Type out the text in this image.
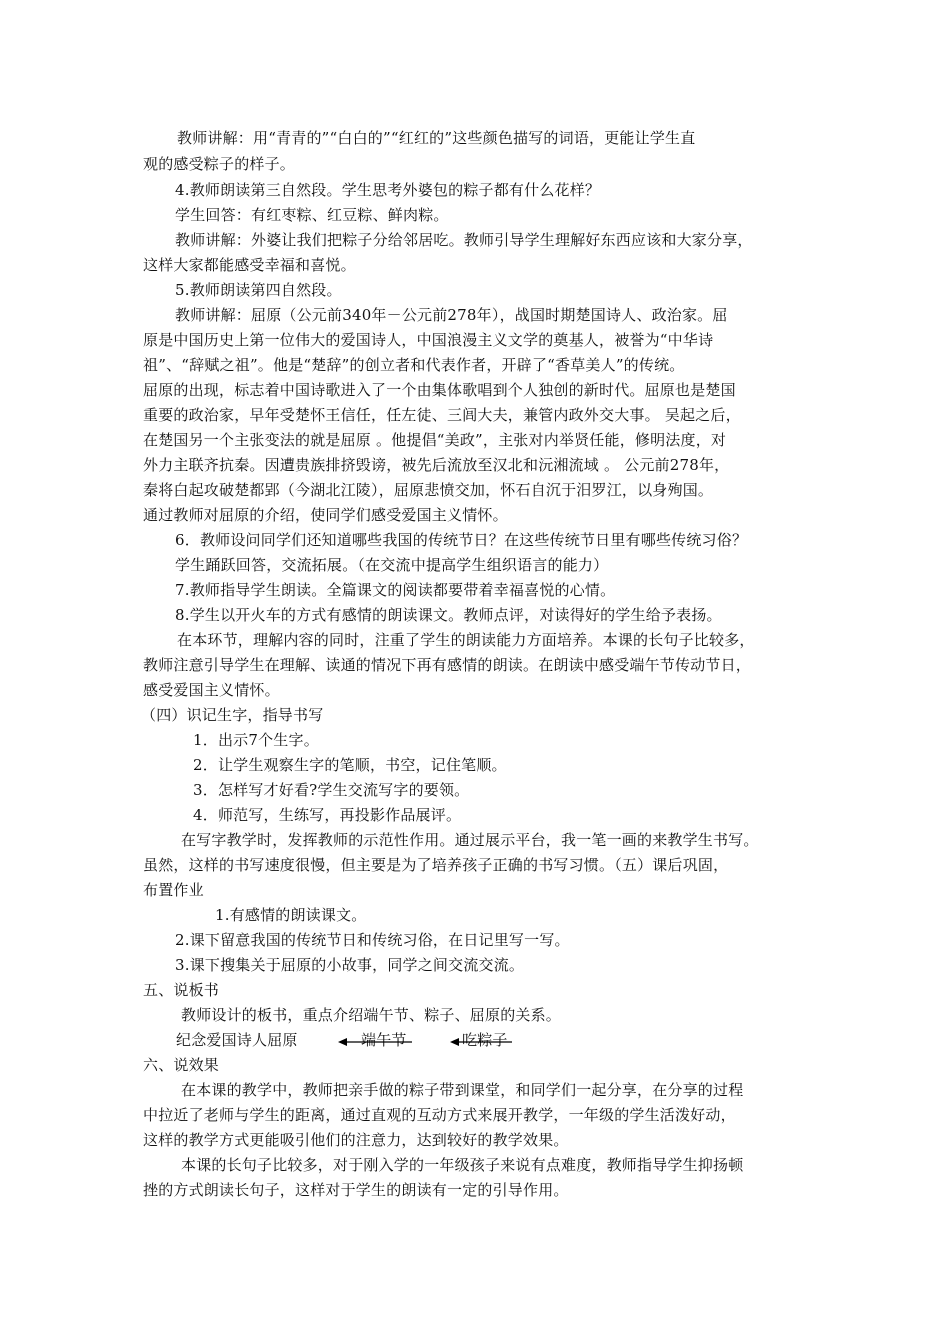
教师讲解：用“青青的”“白白的”“红红的”这些颜色描写的词语，更能让学生直
观的感受粽子的样子。
4.教师朗读第三自然段。学生思考外婆包的粽子都有什么花样？
学生回答：有红枣粽、红豆粽、鲜肉粽。
教师讲解：外婆让我们把粽子分给邻居吃。教师引导学生理解好东西应该和大家分享，
这样大家都能感受幸福和喜悦。
5.教师朗读第四自然段。
教师讲解：屈原（公元前340年－公元前278年），战国时期楚国诗人、政治家。屈
原是中国历史上第一位伟大的爱国诗人，中国浪漫主义文学的奠基人，被誉为“中华诗
祖”、“辞赋之祖”。他是“楚辞”的创立者和代表作者，开辟了“香草美人”的传统。
屈原的出现，标志着中国诗歌进入了一个由集体歌唱到个人独创的新时代。屈原也是楚国
重要的政治家，早年受楚怀王信任，任左徒、三闾大夫，兼管内政外交大事。 吴起之后，
在楚国另一个主张变法的就是屈原 。他提倡“美政”，主张对内举贤任能，修明法度，对
外力主联齐抗秦。因遭贵族排挤毁谤，被先后流放至汉北和沅湘流域 。 公元前278年，
秦将白起攻破楚都郢（今湖北江陵），屈原悲愤交加，怀石自沉于汨罗江，以身殉国。
通过教师对屈原的介绍，使同学们感受爱国主义情怀。
6．教师设问同学们还知道哪些我国的传统节日？在这些传统节日里有哪些传统习俗？
学生踊跃回答，交流拓展。（在交流中提高学生组织语言的能力）
7.教师指导学生朗读。全篇课文的阅读都要带着幸福喜悦的心情。
8.学生以开火车的方式有感情的朗读课文。教师点评，对读得好的学生给予表扬。
在本环节，理解内容的同时，注重了学生的朗读能力方面培养。本课的长句子比较多，
教师注意引导学生在理解、读通的情况下再有感情的朗读。在朗读中感受端午节传动节日，
感受爱国主义情怀。
（四）识记生字，指导书写
1．出示7个生字。
2．让学生观察生字的笔顺，书空，记住笔顺。
3．怎样写才好看?学生交流写字的要领。
4．师范写，生练写，再投影作品展评。
在写字教学时，发挥教师的示范性作用。通过展示平台，我一笔一画的来教学生书写。
虽然，这样的书写速度很慢，但主要是为了培养孩子正确的书写习惯。（五）课后巩固，
布置作业
1.有感情的朗读课文。
2.课下留意我国的传统节日和传统习俗，在日记里写一写。
3.课下搜集关于屈原的小故事，同学之间交流交流。
五、说板书
教师设计的板书，重点介绍端午节、粽子、屈原的关系。
纪念爱国诗人屈原	端午节	吃粽子
六、说效果
在本课的教学中，教师把亲手做的粽子带到课堂，和同学们一起分享，在分享的过程
中拉近了老师与学生的距离，通过直观的互动方式来展开教学，一年级的学生活泼好动，
这样的教学方式更能吸引他们的注意力，达到较好的教学效果。
本课的长句子比较多，对于刚入学的一年级孩子来说有点难度，教师指导学生抑扬顿
挫的方式朗读长句子，这样对于学生的朗读有一定的引导作用。
